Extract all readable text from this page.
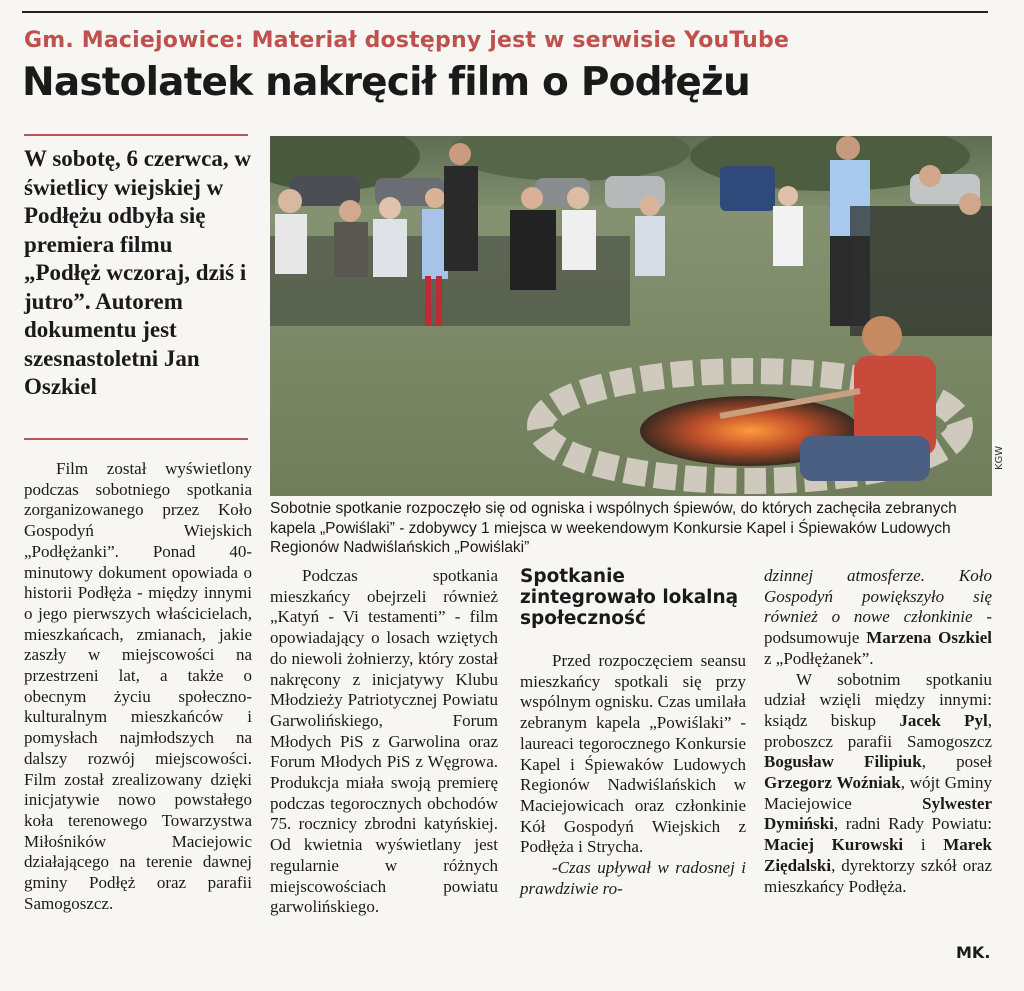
Gm. Maciejowice: Materiał dostępny jest w serwisie YouTube
Nastolatek nakręcił film o Podłężu
W sobotę, 6 czerwca, w świetlicy wiejskiej w Podłężu odbyła się premiera filmu „Podłęż wczoraj, dziś i jutro”. Autorem dokumentu jest szesnastoletni Jan Oszkiel
KGW
Sobotnie spotkanie rozpoczęło się od ogniska i wspólnych śpiewów, do których zachęciła zebranych kapela „Powiślaki” - zdobywcy 1 miejsca w weekendowym Konkursie Kapel i Śpiewaków Ludowych Regionów Nadwiślańskich „Powiślaki”

Film został wyświetlony podczas sobotniego spotkania zorganizowanego przez Koło Gospodyń Wiejskich „Podłężanki”. Ponad 40-minutowy dokument opowiada o historii Podłęża - między innymi o jego pierwszych właścicielach, mieszkańcach, zmianach, jakie zaszły w miejscowości na przestrzeni lat, a także o obecnym życiu społeczno-kulturalnym mieszkańców i pomysłach najmłodszych na dalszy rozwój miejscowości. Film został zrealizowany dzięki inicjatywie nowo powstałego koła terenowego Towarzystwa Miłośników Maciejowic działającego na terenie dawnej gminy Podłęż oraz parafii Samogoszcz.

Podczas spotkania mieszkańcy obejrzeli również „Katyń - Vi testamenti” - film opowiadający o losach wziętych do niewoli żołnierzy, który został nakręcony z inicjatywy Klubu Młodzieży Patriotycznej Powiatu Garwolińskiego, Forum Młodych PiS z Garwolina oraz Forum Młodych PiS z Węgrowa. Produkcja miała swoją premierę podczas tegorocznych obchodów 75. rocznicy zbrodni katyńskiej. Od kwietnia wyświetlany jest regularnie w różnych miejscowościach powiatu garwolińskiego.

Spotkanie zintegrowało lokalną społeczność

Przed rozpoczęciem seansu mieszkańcy spotkali się przy wspólnym ognisku. Czas umilała zebranym kapela „Powiślaki” - laureaci tegorocznego Konkursie Kapel i Śpiewaków Ludowych Regionów Nadwiślańskich w Maciejowicach oraz członkinie Kół Gospodyń Wiejskich z Podłęża i Strycha.

-Czas upływał w radosnej i prawdziwie ro-

dzinnej atmosferze. Koło Gospodyń powiększyło się również o nowe członkinie -podsumowuje Marzena Oszkiel z „Podłężanek”.

W sobotnim spotkaniu udział wzięli między innymi: ksiądz biskup Jacek Pyl, proboszcz parafii Samogoszcz Bogusław Filipiuk, poseł Grzegorz Woźniak, wójt Gminy Maciejowice	Sylwester Dymiński, radni Rady Powiatu: Maciej Kurowski i Marek Ziędalski, dyrektorzy szkół oraz mieszkańcy Podłęża.

MK.
